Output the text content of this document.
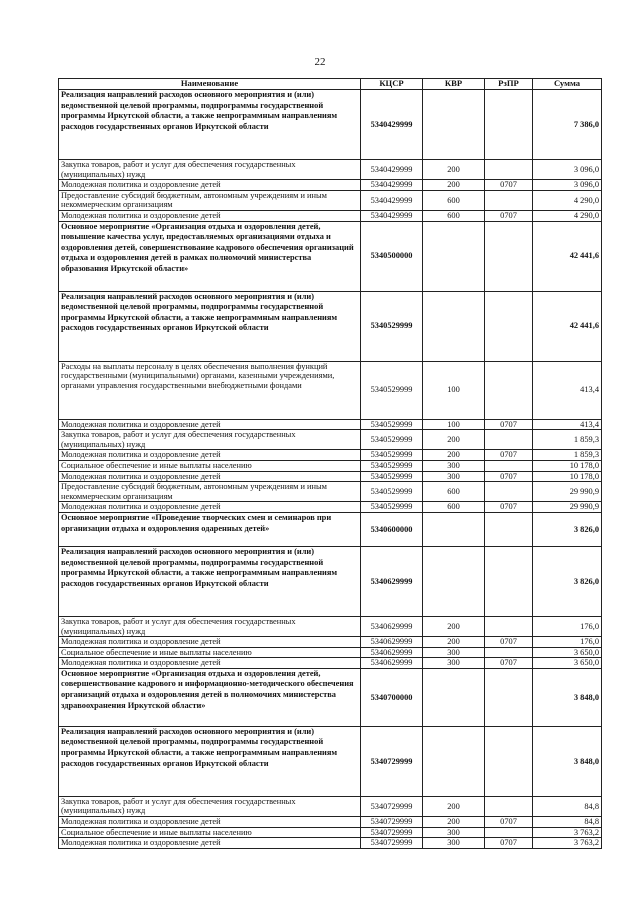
22
Наименование	КЦСР	КВР	РзПР	Сумма
Реализация направлений расходов основного мероприятия и (или) ведомственной целевой программы, подпрограммы государственной программы Иркутской области, а также непрограммным направлениям расходов государственных органов Иркутской области	5340429999			7 386,0
Закупка товаров, работ и услуг для обеспечения государственных (муниципальных) нужд	5340429999	200		3 096,0
Молодежная политика и оздоровление детей	5340429999	200	0707	3 096,0
Предоставление субсидий бюджетным, автономным учреждениям и иным некоммерческим организациям	5340429999	600		4 290,0
Молодежная политика и оздоровление детей	5340429999	600	0707	4 290,0
Основное мероприятие «Организация отдыха и оздоровления детей, повышение качества услуг, предоставляемых организациями отдыха и оздоровления детей, совершенствование кадрового обеспечения организаций отдыха и оздоровления детей в рамках полномочий министерства образования Иркутской области»	5340500000			42 441,6
Реализация направлений расходов основного мероприятия и (или) ведомственной целевой программы, подпрограммы государственной программы Иркутской области, а также непрограммным направлениям расходов государственных органов Иркутской области	5340529999			42 441,6
Расходы на выплаты персоналу в целях обеспечения выполнения функций государственными (муниципальными) органами, казенными учреждениями, органами управления государственными внебюджетными фондами	5340529999	100		413,4
Молодежная политика и оздоровление детей	5340529999	100	0707	413,4
Закупка товаров, работ и услуг для обеспечения государственных (муниципальных) нужд	5340529999	200		1 859,3
Молодежная политика и оздоровление детей	5340529999	200	0707	1 859,3
Социальное обеспечение и иные выплаты населению	5340529999	300		10 178,0
Молодежная политика и оздоровление детей	5340529999	300	0707	10 178,0
Предоставление субсидий бюджетным, автономным учреждениям и иным некоммерческим организациям	5340529999	600		29 990,9
Молодежная политика и оздоровление детей	5340529999	600	0707	29 990,9
Основное мероприятие «Проведение творческих смен и семинаров при организации отдыха и оздоровления одаренных детей»	5340600000			3 826,0
Реализация направлений расходов основного мероприятия и (или) ведомственной целевой программы, подпрограммы государственной программы Иркутской области, а также непрограммным направлениям расходов государственных органов Иркутской области	5340629999			3 826,0
Закупка товаров, работ и услуг для обеспечения государственных (муниципальных) нужд	5340629999	200		176,0
Молодежная политика и оздоровление детей	5340629999	200	0707	176,0
Социальное обеспечение и иные выплаты населению	5340629999	300		3 650,0
Молодежная политика и оздоровление детей	5340629999	300	0707	3 650,0
Основное мероприятие «Организация отдыха и оздоровления детей, совершенствование кадрового и информационно-методического обеспечения организаций отдыха и оздоровления детей в полномочиях министерства здравоохранения Иркутской области»	5340700000			3 848,0
Реализация направлений расходов основного мероприятия и (или) ведомственной целевой программы, подпрограммы государственной программы Иркутской области, а также непрограммным направлениям расходов государственных органов Иркутской области	5340729999			3 848,0
Закупка товаров, работ и услуг для обеспечения государственных (муниципальных) нужд	5340729999	200		84,8
Молодежная политика и оздоровление детей	5340729999	200	0707	84,8
Социальное обеспечение и иные выплаты населению	5340729999	300		3 763,2
Молодежная политика и оздоровление детей	5340729999	300	0707	3 763,2
